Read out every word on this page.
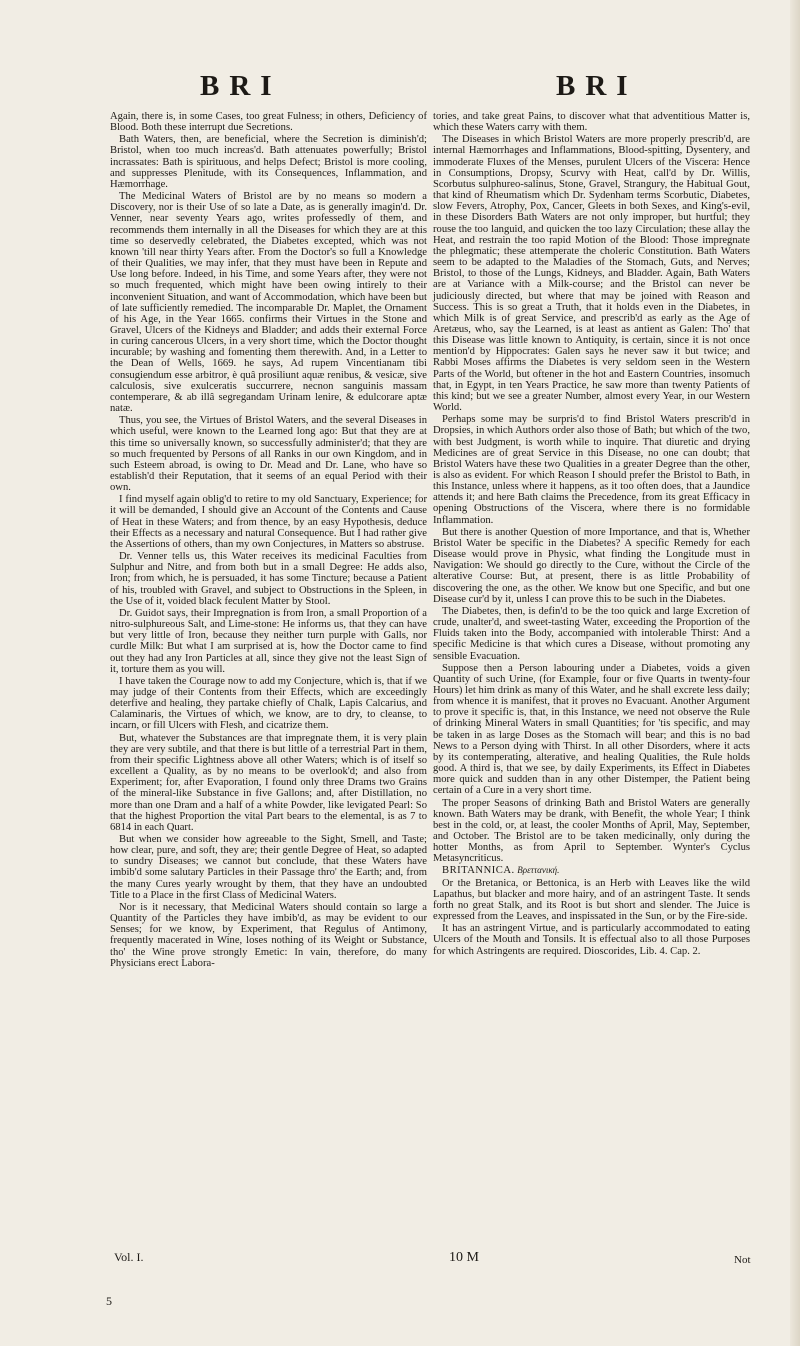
BRI	BRI

Again, there is, in some Cases, too great Fulness; in others, Deficiency of Blood. Both these interrupt due Secretions.

Bath Waters, then, are beneficial, where the Secretion is diminish'd; Bristol, when too much increas'd. Bath attenuates powerfully; Bristol incrassates: Bath is spirituous, and helps Defect; Bristol is more cooling, and suppresses Plenitude, with its Consequences, Inflammation, and Hæmorrhage.

The Medicinal Waters of Bristol are by no means so modern a Discovery, nor is their Use of so late a Date, as is generally imagin'd. Dr. Venner, near seventy Years ago, writes professedly of them, and recommends them internally in all the Diseases for which they are at this time so deservedly celebrated, the Diabetes excepted, which was not known 'till near thirty Years after. From the Doctor's so full a Knowledge of their Qualities, we may infer, that they must have been in Repute and Use long before. Indeed, in his Time, and some Years after, they were not so much frequented, which might have been owing intirely to their inconvenient Situation, and want of Accommodation, which have been but of late sufficiently remedied. The incomparable Dr. Maplet, the Ornament of his Age, in the Year 1665. confirms their Virtues in the Stone and Gravel, Ulcers of the Kidneys and Bladder; and adds their external Force in curing cancerous Ulcers, in a very short time, which the Doctor thought incurable; by washing and fomenting them therewith. And, in a Letter to the Dean of Wells, 1669. he says, Ad rupem Vincentianam tibi consugiendum esse arbitror, è quâ prosiliunt aquæ renibus, & vesicæ, sive calculosis, sive exulceratis succurrere, necnon sanguinis massam contemperare, & ab illâ segregandam Urinam lenire, & edulcorare aptæ natæ.

Thus, you see, the Virtues of Bristol Waters, and the several Diseases in which useful, were known to the Learned long ago: But that they are at this time so universally known, so successfully administer'd; that they are so much frequented by Persons of all Ranks in our own Kingdom, and in such Esteem abroad, is owing to Dr. Mead and Dr. Lane, who have so establish'd their Reputation, that it seems of an equal Period with their own.

I find myself again oblig'd to retire to my old Sanctuary, Experience; for it will be demanded, I should give an Account of the Contents and Cause of Heat in these Waters; and from thence, by an easy Hypothesis, deduce their Effects as a necessary and natural Consequence. But I had rather give the Assertions of others, than my own Conjectures, in Matters so abstruse.

Dr. Venner tells us, this Water receives its medicinal Faculties from Sulphur and Nitre, and from both but in a small Degree: He adds also, Iron; from which, he is persuaded, it has some Tincture; because a Patient of his, troubled with Gravel, and subject to Obstructions in the Spleen, in the Use of it, voided black feculent Matter by Stool.

Dr. Guidot says, their Impregnation is from Iron, a small Proportion of a nitro-sulphureous Salt, and Lime-stone: He informs us, that they can have but very little of Iron, because they neither turn purple with Galls, nor curdle Milk: But what I am surprised at is, how the Doctor came to find out they had any Iron Particles at all, since they give not the least Sign of it, torture them as you will.

I have taken the Courage now to add my Conjecture, which is, that if we may judge of their Contents from their Effects, which are exceedingly deterfive and healing, they partake chiefly of Chalk, Lapis Calcarius, and Calaminaris, the Virtues of which, we know, are to dry, to cleanse, to incarn, or fill Ulcers with Flesh, and cicatrize them.

But, whatever the Substances are that impregnate them, it is very plain they are very subtile, and that there is but little of a terrestrial Part in them, from their specific Lightness above all other Waters; which is of itself so excellent a Quality, as by no means to be overlook'd; and also from Experiment; for, after Evaporation, I found only three Drams two Grains of the mineral-like Substance in five Gallons; and, after Distillation, no more than one Dram and a half of a white Powder, like levigated Pearl: So that the highest Proportion the vital Part bears to the elemental, is as 7 to 6814 in each Quart.

But when we consider how agreeable to the Sight, Smell, and Taste; how clear, pure, and soft, they are; their gentle Degree of Heat, so adapted to sundry Diseases; we cannot but conclude, that these Waters have imbib'd some salutary Particles in their Passage thro' the Earth; and, from the many Cures yearly wrought by them, that they have an undoubted Title to a Place in the first Class of Medicinal Waters.

Nor is it necessary, that Medicinal Waters should contain so large a Quantity of the Particles they have imbib'd, as may be evident to our Senses; for we know, by Experiment, that Regulus of Antimony, frequently macerated in Wine, loses nothing of its Weight or Substance, tho' the Wine prove strongly Emetic: In vain, therefore, do many Physicians erect Labora-

tories, and take great Pains, to discover what that adventitious Matter is, which these Waters carry with them.

The Diseases in which Bristol Waters are more properly prescrib'd, are internal Hæmorrhages and Inflammations, Blood-spitting, Dysentery, and immoderate Fluxes of the Menses, purulent Ulcers of the Viscera: Hence in Consumptions, Dropsy, Scurvy with Heat, call'd by Dr. Willis, Scorbutus sulphureo-salinus, Stone, Gravel, Strangury, the Habitual Gout, that kind of Rheumatism which Dr. Sydenham terms Scorbutic, Diabetes, slow Fevers, Atrophy, Pox, Cancer, Gleets in both Sexes, and King's-evil, in these Disorders Bath Waters are not only improper, but hurtful; they rouse the too languid, and quicken the too lazy Circulation; these allay the Heat, and restrain the too rapid Motion of the Blood: Those impregnate the phlegmatic; these attemperate the choleric Constitution. Bath Waters seem to be adapted to the Maladies of the Stomach, Guts, and Nerves; Bristol, to those of the Lungs, Kidneys, and Bladder. Again, Bath Waters are at Variance with a Milk-course; and the Bristol can never be judiciously directed, but where that may be joined with Reason and Success. This is so great a Truth, that it holds even in the Diabetes, in which Milk is of great Service, and prescrib'd as early as the Age of Aretæus, who, say the Learned, is at least as antient as Galen: Tho' that this Disease was little known to Antiquity, is certain, since it is not once mention'd by Hippocrates: Galen says he never saw it but twice; and Rabbi Moses affirms the Diabetes is very seldom seen in the Western Parts of the World, but oftener in the hot and Eastern Countries, insomuch that, in Egypt, in ten Years Practice, he saw more than twenty Patients of this kind; but we see a greater Number, almost every Year, in our Western World.

Perhaps some may be surpris'd to find Bristol Waters prescrib'd in Dropsies, in which Authors order also those of Bath; but which of the two, with best Judgment, is worth while to inquire. That diuretic and drying Medicines are of great Service in this Disease, no one can doubt; that Bristol Waters have these two Qualities in a greater Degree than the other, is also as evident. For which Reason I should prefer the Bristol to Bath, in this Instance, unless where it happens, as it too often does, that a Jaundice attends it; and here Bath claims the Precedence, from its great Efficacy in opening Obstructions of the Viscera, where there is no formidable Inflammation.

But there is another Question of more Importance, and that is, Whether Bristol Water be specific in the Diabetes? A specific Remedy for each Disease would prove in Physic, what finding the Longitude must in Navigation: We should go directly to the Cure, without the Circle of the alterative Course: But, at present, there is as little Probability of discovering the one, as the other. We know but one Specific, and but one Disease cur'd by it, unless I can prove this to be such in the Diabetes.

The Diabetes, then, is defin'd to be the too quick and large Excretion of crude, unalter'd, and sweet-tasting Water, exceeding the Proportion of the Fluids taken into the Body, accompanied with intolerable Thirst: And a specific Medicine is that which cures a Disease, without promoting any sensible Evacuation.

Suppose then a Person labouring under a Diabetes, voids a given Quantity of such Urine, (for Example, four or five Quarts in twenty-four Hours) let him drink as many of this Water, and he shall excrete less daily; from whence it is manifest, that it proves no Evacuant. Another Argument to prove it specific is, that, in this Instance, we need not observe the Rule of drinking Mineral Waters in small Quantities; for 'tis specific, and may be taken in as large Doses as the Stomach will bear; and this is no bad News to a Person dying with Thirst. In all other Disorders, where it acts by its contemperating, alterative, and healing Qualities, the Rule holds good. A third is, that we see, by daily Experiments, its Effect in Diabetes more quick and sudden than in any other Distemper, the Patient being certain of a Cure in a very short time.

The proper Seasons of drinking Bath and Bristol Waters are generally known. Bath Waters may be drank, with Benefit, the whole Year; I think best in the cold, or, at least, the cooler Months of April, May, September, and October. The Bristol are to be taken medicinally, only during the hotter Months, as from April to September. Wynter's Cyclus Metasyncriticus.

BRITANNICA. Βρεττανική.

Or the Bretanica, or Bettonica, is an Herb with Leaves like the wild Lapathus, but blacker and more hairy, and of an astringent Taste. It sends forth no great Stalk, and its Root is but short and slender. The Juice is expressed from the Leaves, and inspissated in the Sun, or by the Fire-side.

It has an astringent Virtue, and is particularly accommodated to eating Ulcers of the Mouth and Tonsils. It is effectual also to all those Purposes for which Astringents are required. Dioscorides, Lib. 4. Cap. 2.

Vol. I.	10 M	Not
5
